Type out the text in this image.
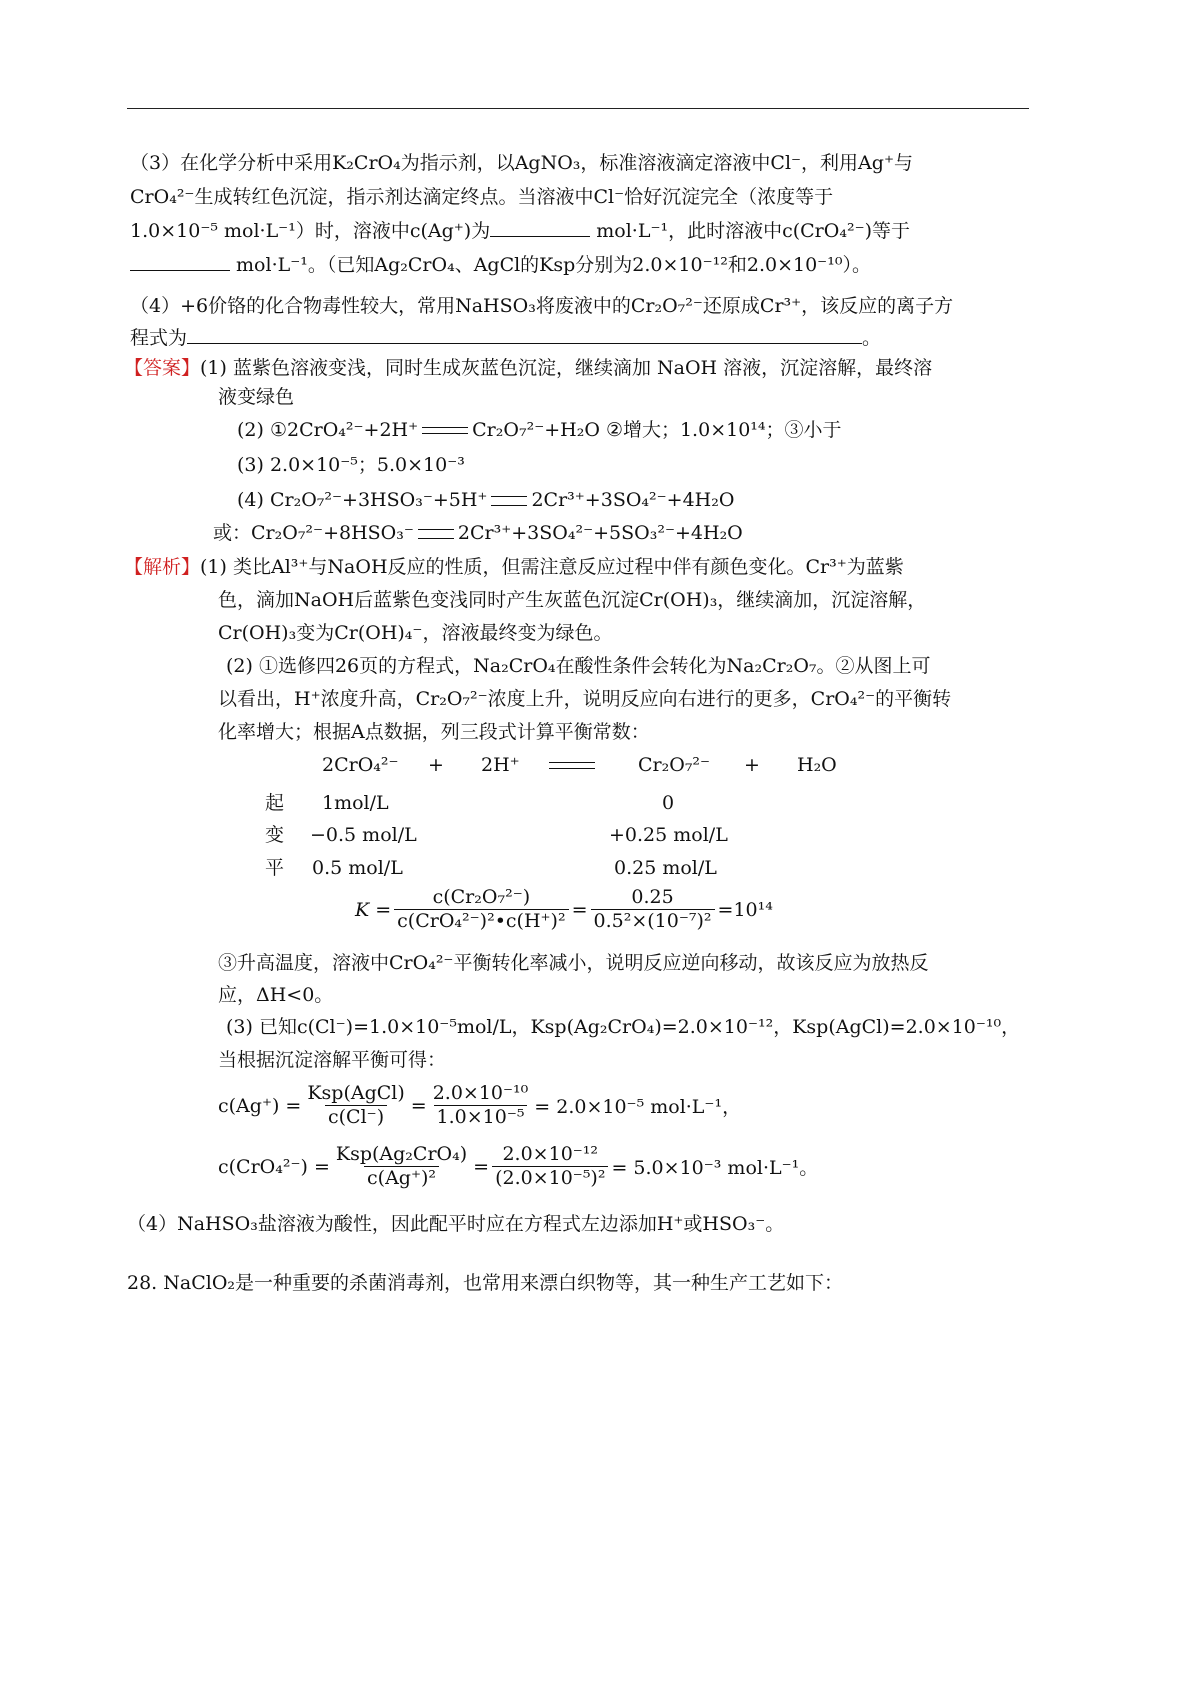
（3）在化学分析中采用K₂CrO₄为指示剂，以AgNO₃，标准溶液滴定溶液中Cl⁻，利用Ag⁺与
CrO₄²⁻生成转红色沉淀，指示剂达滴定终点。当溶液中Cl⁻恰好沉淀完全（浓度等于
1.0×10⁻⁵ mol·L⁻¹）时，溶液中c(Ag⁺)为	mol·L⁻¹，此时溶液中c(CrO₄²⁻)等于
mol·L⁻¹。（已知Ag₂CrO₄、AgCl的Ksp分别为2.0×10⁻¹²和2.0×10⁻¹⁰）。
（4）+6价铬的化合物毒性较大，常用NaHSO₃将废液中的Cr₂O₇²⁻还原成Cr³⁺，该反应的离子方
程式为	。
【答案】(1) 蓝紫色溶液变浅，同时生成灰蓝色沉淀，继续滴加 NaOH 溶液，沉淀溶解，最终溶
液变绿色
(2) ①2CrO₄²⁻+2H⁺	Cr₂O₇²⁻+H₂O ②增大；1.0×10¹⁴；③小于
(3) 2.0×10⁻⁵；5.0×10⁻³
(4) Cr₂O₇²⁻+3HSO₃⁻+5H⁺ 2Cr³⁺+3SO₄²⁻+4H₂O
或：Cr₂O₇²⁻+8HSO₃⁻ 2Cr³⁺+3SO₄²⁻+5SO₃²⁻+4H₂O
【解析】(1) 类比Al³⁺与NaOH反应的性质，但需注意反应过程中伴有颜色变化。Cr³⁺为蓝紫
色，滴加NaOH后蓝紫色变浅同时产生灰蓝色沉淀Cr(OH)₃，继续滴加，沉淀溶解，
Cr(OH)₃变为Cr(OH)₄⁻，溶液最终变为绿色。
(2) ①选修四26页的方程式，Na₂CrO₄在酸性条件会转化为Na₂Cr₂O₇。②从图上可
以看出，H⁺浓度升高，Cr₂O₇²⁻浓度上升，说明反应向右进行的更多，CrO₄²⁻的平衡转
化率增大；根据A点数据，列三段式计算平衡常数：
2CrO₄²⁻ + 2H⁺	Cr₂O₇²⁻ + H₂O
起 1mol/L	0
变 −0.5 mol/L	+0.25 mol/L
平 0.5 mol/L	0.25 mol/L
$K = \frac{\text{c(Cr₂O₇²⁻)}}{\text{c(CrO₄²⁻)²•c(H⁺)²}} = \frac{0.25}{\text{0.5²×(10⁻⁷)²}} =10^{14}$
③升高温度，溶液中CrO₄²⁻平衡转化率减小，说明反应逆向移动，故该反应为放热反
应，ΔH<0。
(3) 已知c(Cl⁻)=1.0×10⁻⁵mol/L，Ksp(Ag₂CrO₄)=2.0×10⁻¹²，Ksp(AgCl)=2.0×10⁻¹⁰，
当根据沉淀溶解平衡可得：
$c(Ag^+) = \frac{\text{Ksp(AgCl)}}{c(Cl^-)} = \frac{\text{2.0×10⁻¹⁰}}{\text{1.0×10⁻⁵}} = 2.0\times 10^{-5}$ mol·L⁻¹，
$c(CrO_4^{2-}) = \frac{\text{Ksp(Ag₂CrO₄)}}{\text{c(Ag⁺)²}} = \frac{\text{2.0×10⁻¹²}}{\text{(2.0×10⁻⁵)²}} = 5.0\times 10^{-3}$ mol·L⁻¹。
（4）NaHSO₃盐溶液为酸性，因此配平时应在方程式左边添加H⁺或HSO₃⁻。
28. NaClO₂是一种重要的杀菌消毒剂，也常用来漂白织物等，其一种生产工艺如下：
